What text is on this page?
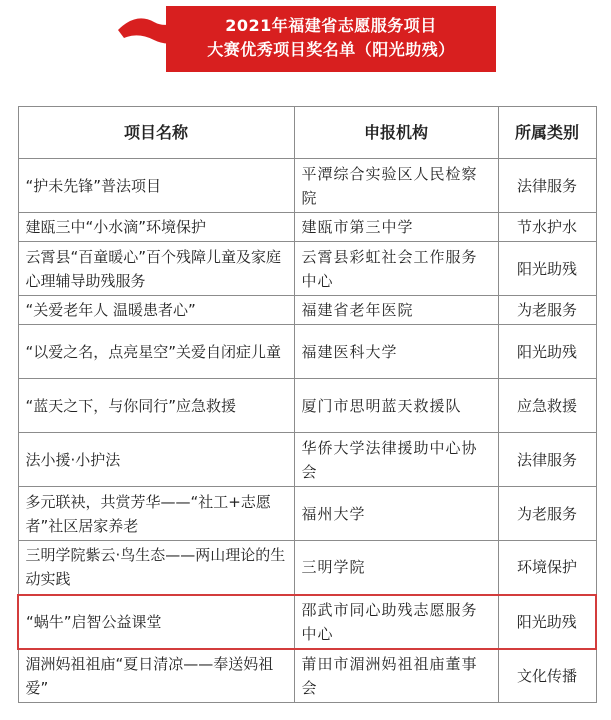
2021年福建省志愿服务项目
大赛优秀项目奖名单（阳光助残）
项目名称	申报机构	所属类别
“护未先锋”普法项目	平潭综合实验区人民检察院	法律服务
建瓯三中“小水滴”环境保护	建瓯市第三中学	节水护水
云霄县“百童暖心”百个残障儿童及家庭心理辅导助残服务	云霄县彩虹社会工作服务中心	阳光助残
“关爱老年人 温暖患者心”	福建省老年医院	为老服务
“以爱之名，点亮星空”关爱自闭症儿童	福建医科大学	阳光助残
“蓝天之下，与你同行”应急救援	厦门市思明蓝天救援队	应急救援
法小援·小护法	华侨大学法律援助中心协会	法律服务
多元联袂，共赏芳华——“社工+志愿者”社区居家养老	福州大学	为老服务
三明学院紫云·鸟生态——两山理论的生动实践	三明学院	环境保护
“蜗牛”启智公益课堂	邵武市同心助残志愿服务中心	阳光助残
湄洲妈祖祖庙“夏日清凉——奉送妈祖爱”	莆田市湄洲妈祖祖庙董事会	文化传播
